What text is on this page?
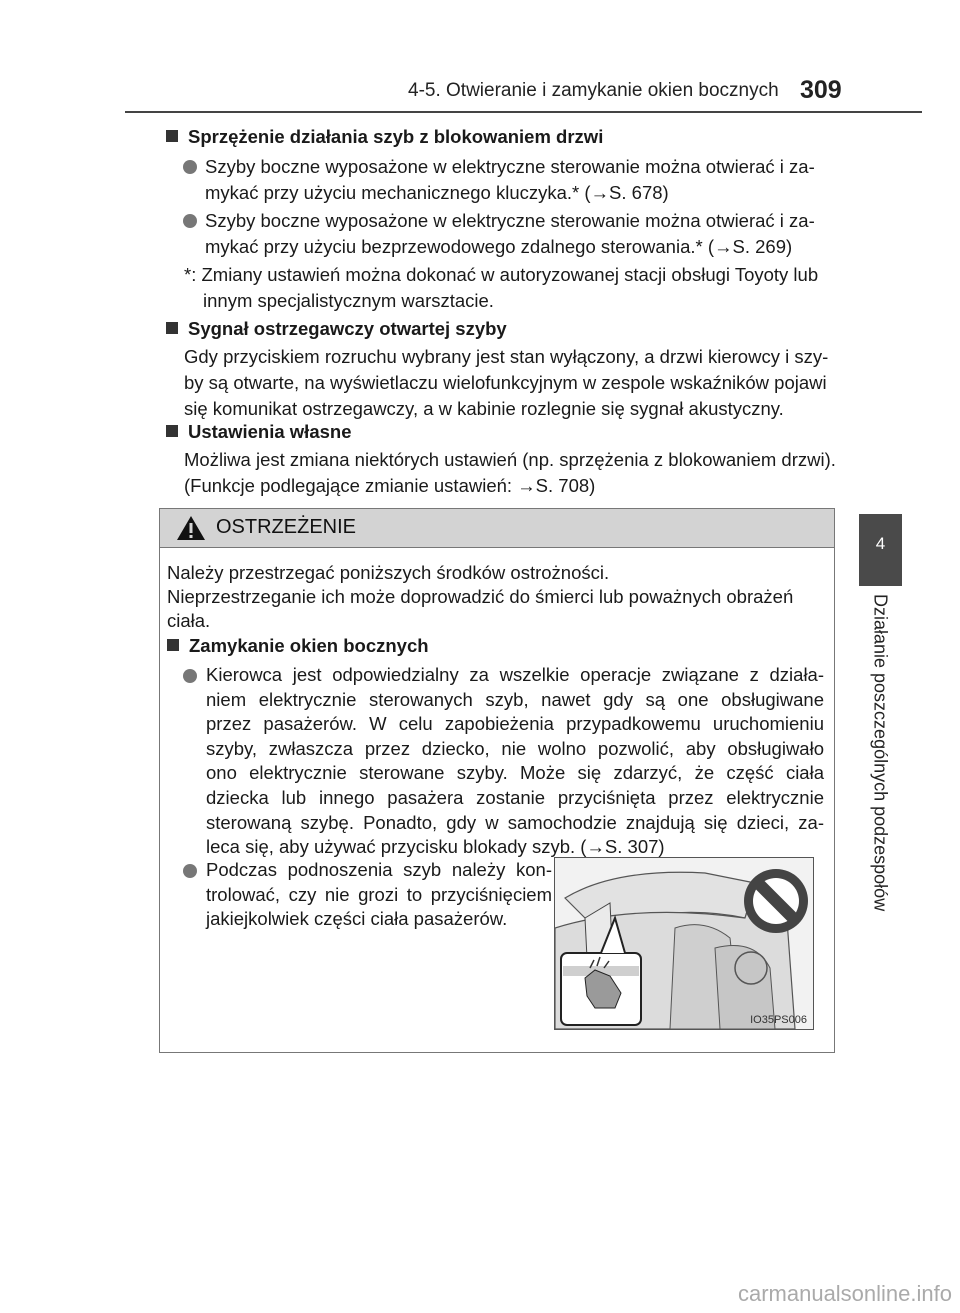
4-5. Otwieranie i zamykanie okien bocznych 309
4
Działanie poszczególnych podzespołów
Sprzężenie działania szyb z blokowaniem drzwi
Szyby boczne wyposażone w elektryczne sterowanie można otwierać i za-
mykać przy użyciu mechanicznego kluczyka.* (→S. 678)
Szyby boczne wyposażone w elektryczne sterowanie można otwierać i za-
mykać przy użyciu bezprzewodowego zdalnego sterowania.* (→S. 269)
*: Zmiany ustawień można dokonać w autoryzowanej stacji obsługi Toyoty lub
innym specjalistycznym warsztacie.
Sygnał ostrzegawczy otwartej szyby
Gdy przyciskiem rozruchu wybrany jest stan wyłączony, a drzwi kierowcy i szy-
by są otwarte, na wyświetlaczu wielofunkcyjnym w zespole wskaźników pojawi
się komunikat ostrzegawczy, a w kabinie rozlegnie się sygnał akustyczny.
Ustawienia własne
Możliwa jest zmiana niektórych ustawień (np. sprzężenia z blokowaniem drzwi).
(Funkcje podlegające zmianie ustawień: →S. 708)
OSTRZEŻENIE
Należy przestrzegać poniższych środków ostrożności.
Nieprzestrzeganie ich może doprowadzić do śmierci lub poważnych obrażeń
ciała.
Zamykanie okien bocznych
Kierowca jest odpowiedzialny za wszelkie operacje związane z działa-
niem elektrycznie sterowanych szyb, nawet gdy są one obsługiwane
przez pasażerów. W celu zapobieżenia przypadkowemu uruchomieniu
szyby, zwłaszcza przez dziecko, nie wolno pozwolić, aby obsługiwało
ono elektrycznie sterowane szyby. Może się zdarzyć, że część ciała
dziecka lub innego pasażera zostanie przyciśnięta przez elektrycznie
sterowaną szybę. Ponadto, gdy w samochodzie znajdują się dzieci, za-
leca się, aby używać przycisku blokady szyb. (→S. 307)
Podczas podnoszenia szyb należy kon-
trolować, czy nie grozi to przyciśnięciem
jakiejkolwiek części ciała pasażerów.
IO35PS006
carmanualsonline.info
